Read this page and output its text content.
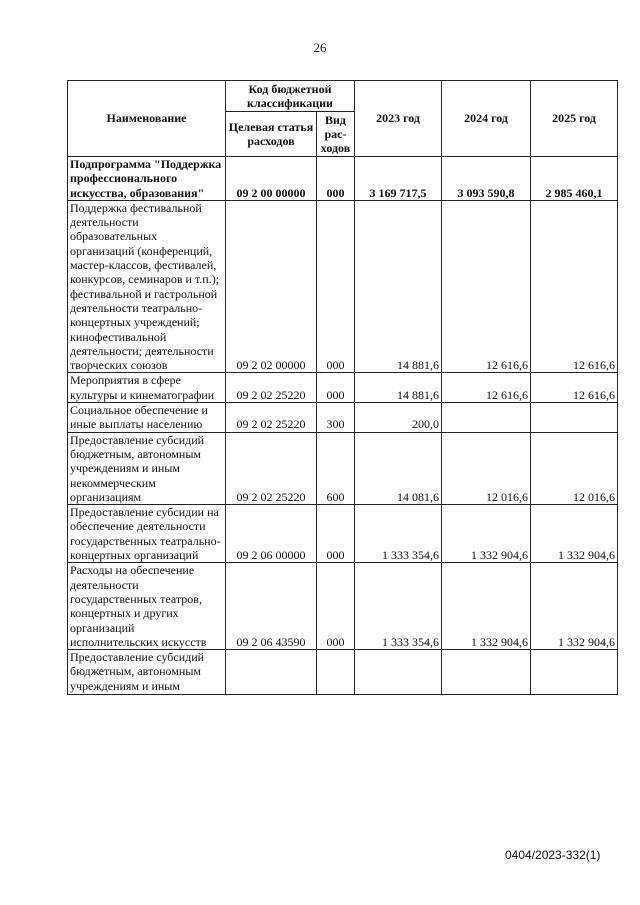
26
Наименование	Код бюджетной классификации		2023 год	2024 год	2025 год
	Целевая статья расходов	Вид рас-ходов			
Подпрограмма "Поддержка профессионального искусства, образования"	09 2 00 00000	000	3 169 717,5	3 093 590,8	2 985 460,1
Поддержка фестивальной деятельности образовательных организаций (конференций, мастер-классов, фестивалей, конкурсов, семинаров и т.п.); фестивальной и гастрольной деятельности театрально-концертных учреждений; кинофестивальной деятельности; деятельности творческих союзов	09 2 02 00000	000	14 881,6	12 616,6	12 616,6
Мероприятия в сфере культуры и кинематографии	09 2 02 25220	000	14 881,6	12 616,6	12 616,6
Социальное обеспечение и иные выплаты населению	09 2 02 25220	300	200,0		
Предоставление субсидий бюджетным, автономным учреждениям и иным некоммерческим организациям	09 2 02 25220	600	14 081,6	12 016,6	12 016,6
Предоставление субсидии на обеспечение деятельности государственных театрально-концертных организаций	09 2 06 00000	000	1 333 354,6	1 332 904,6	1 332 904,6
Расходы на обеспечение деятельности государственных театров, концертных и других организаций исполнительских искусств	09 2 06 43590	000	1 333 354,6	1 332 904,6	1 332 904,6
Предоставление субсидий бюджетным, автономным учреждениям и иным					
0404/2023-332(1)
